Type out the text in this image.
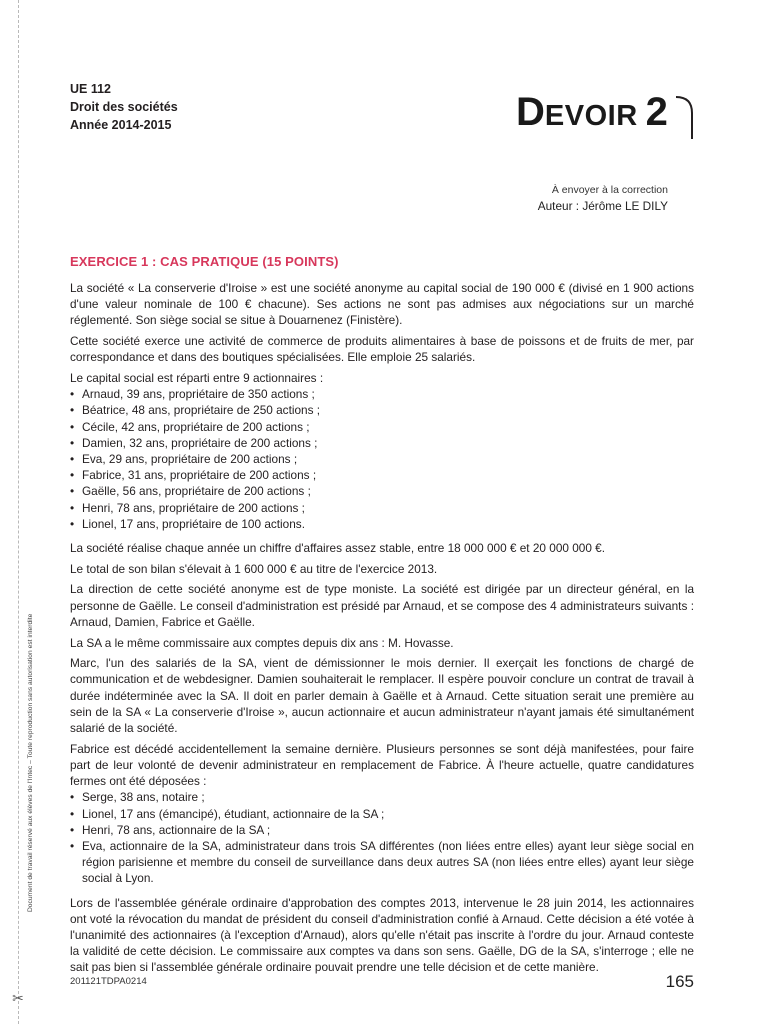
✂
Document de travail réservé aux élèves de l'Intec – Toute reproduction sans autorisation est interdite
UE 112
Droit des sociétés
Année 2014-2015	DEVOIR 2
À envoyer à la correction
Auteur : Jérôme LE DILY
EXERCICE 1 : CAS PRATIQUE (15 POINTS)

La société « La conserverie d'Iroise » est une société anonyme au capital social de 190 000 € (divisé en 1 900 actions d'une valeur nominale de 100 € chacune). Ses actions ne sont pas admises aux négociations sur un marché réglementé. Son siège social se situe à Douarnenez (Finistère).

Cette société exerce une activité de commerce de produits alimentaires à base de poissons et de fruits de mer, par correspondance et dans des boutiques spécialisées. Elle emploie 25 salariés.

Le capital social est réparti entre 9 actionnaires :

• Arnaud, 39 ans, propriétaire de 350 actions ;
• Béatrice, 48 ans, propriétaire de 250 actions ;
• Cécile, 42 ans, propriétaire de 200 actions ;
• Damien, 32 ans, propriétaire de 200 actions ;
• Eva, 29 ans, propriétaire de 200 actions ;
• Fabrice, 31 ans, propriétaire de 200 actions ;
• Gaëlle, 56 ans, propriétaire de 200 actions ;
• Henri, 78 ans, propriétaire de 200 actions ;
• Lionel, 17 ans, propriétaire de 100 actions.

La société réalise chaque année un chiffre d'affaires assez stable, entre 18 000 000 € et 20 000 000 €.

Le total de son bilan s'élevait à 1 600 000 € au titre de l'exercice 2013.

La direction de cette société anonyme est de type moniste. La société est dirigée par un directeur général, en la personne de Gaëlle. Le conseil d'administration est présidé par Arnaud, et se compose des 4 administrateurs suivants : Arnaud, Damien, Fabrice et Gaëlle.

La SA a le même commissaire aux comptes depuis dix ans : M. Hovasse.

Marc, l'un des salariés de la SA, vient de démissionner le mois dernier. Il exerçait les fonctions de chargé de communication et de webdesigner. Damien souhaiterait le remplacer. Il espère pouvoir conclure un contrat de travail à durée indéterminée avec la SA. Il doit en parler demain à Gaëlle et à Arnaud. Cette situation serait une première au sein de la SA « La conserverie d'Iroise », aucun actionnaire et aucun administrateur n'ayant jamais été simultanément salarié de la société.

Fabrice est décédé accidentellement la semaine dernière. Plusieurs personnes se sont déjà manifestées, pour faire part de leur volonté de devenir administrateur en remplacement de Fabrice. À l'heure actuelle, quatre candidatures fermes ont été déposées :

• Serge, 38 ans, notaire ;
• Lionel, 17 ans (émancipé), étudiant, actionnaire de la SA ;
• Henri, 78 ans, actionnaire de la SA ;
• Eva, actionnaire de la SA, administrateur dans trois SA différentes (non liées entre elles) ayant leur siège social en région parisienne et membre du conseil de surveillance dans deux autres SA (non liées entre elles) ayant leur siège social à Lyon.

Lors de l'assemblée générale ordinaire d'approbation des comptes 2013, intervenue le 28 juin 2014, les actionnaires ont voté la révocation du mandat de président du conseil d'administration confié à Arnaud. Cette décision a été votée à l'unanimité des actionnaires (à l'exception d'Arnaud), alors qu'elle n'était pas inscrite à l'ordre du jour. Arnaud conteste la validité de cette décision. Le commissaire aux comptes va dans son sens. Gaëlle, DG de la SA, s'interroge ; elle ne sait pas bien si l'assemblée générale ordinaire pouvait prendre une telle décision et de cette manière.

201121TDPA0214	165
